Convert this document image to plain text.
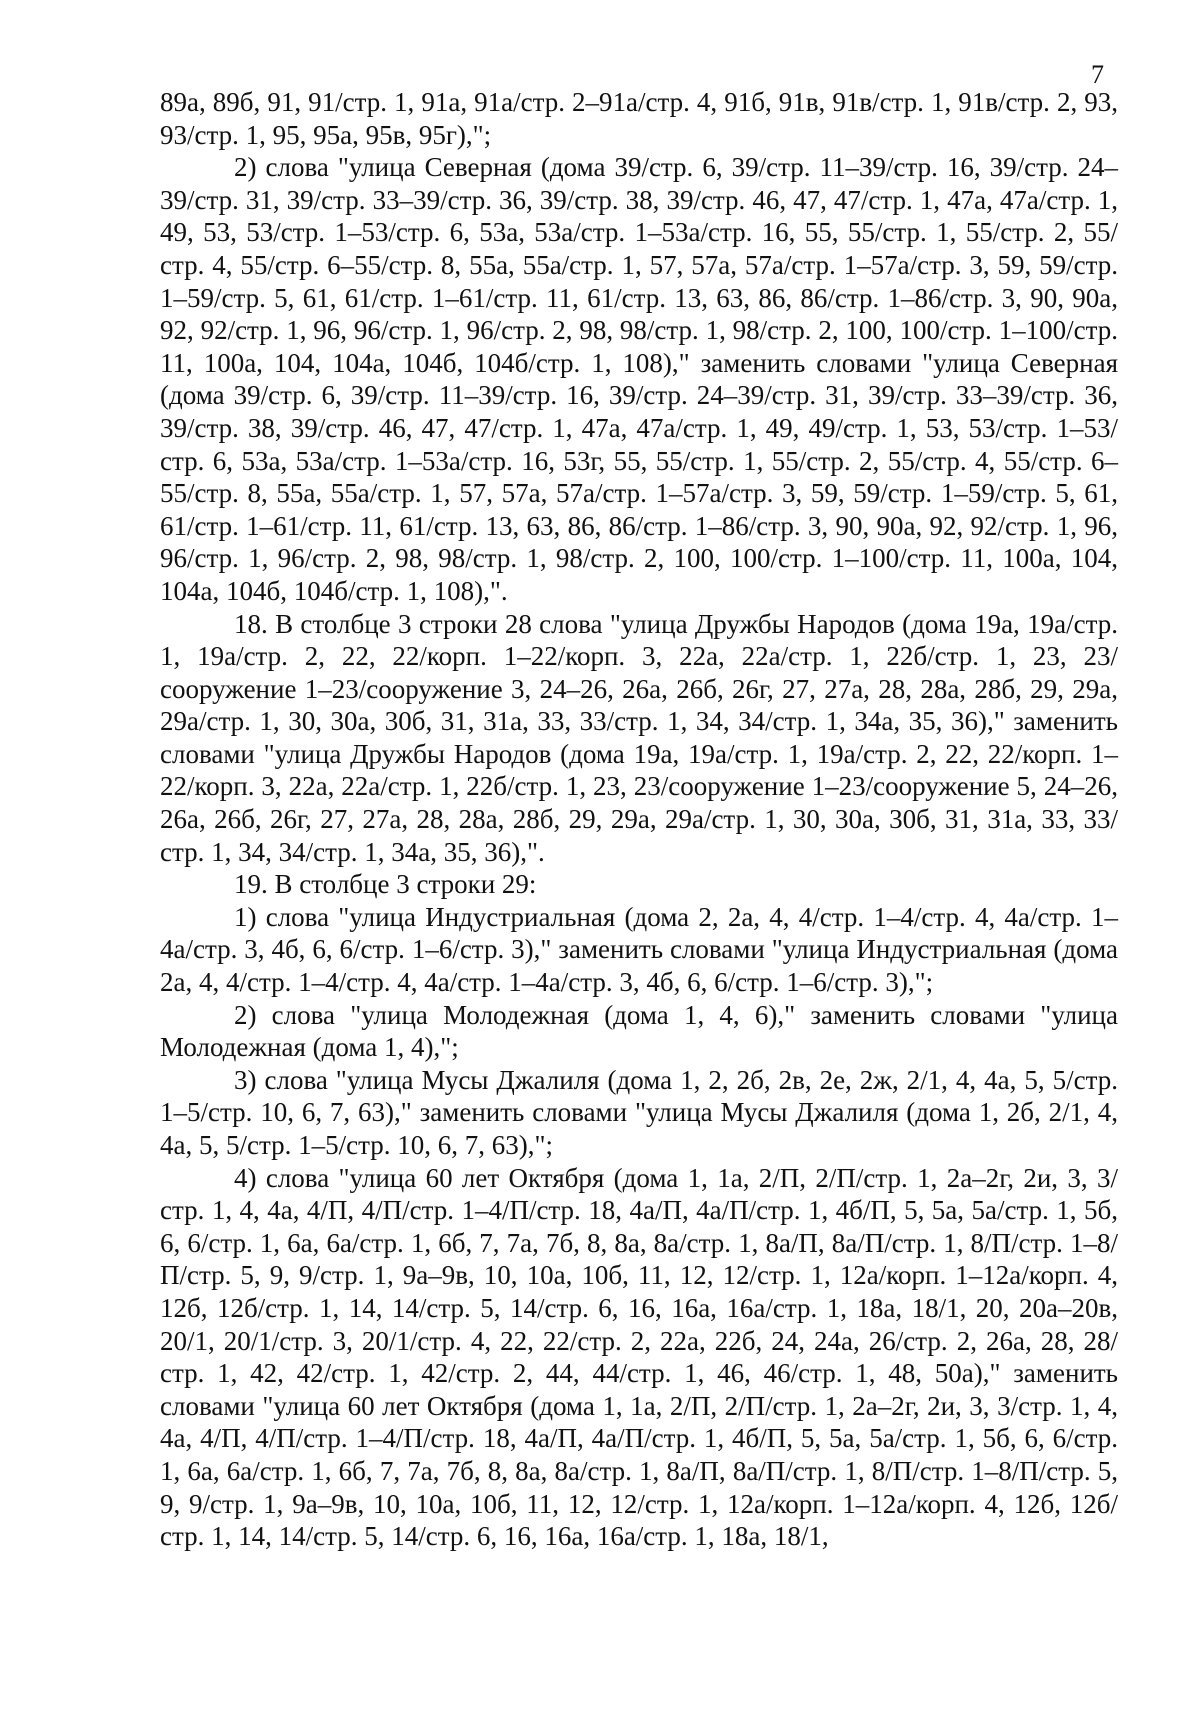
7

89а, 89б, 91, 91/стр. 1, 91а, 91а/стр. 2–91а/стр. 4, 91б, 91в, 91в/стр. 1, 91в/стр. 2, 93, 93/стр. 1, 95, 95а, 95в, 95г),";

2) слова "улица Северная (дома 39/стр. 6, 39/стр. 11–39/стр. 16, 39/стр. 24–39/стр. 31, 39/стр. 33–39/стр. 36, 39/стр. 38, 39/стр. 46, 47, 47/стр. 1, 47а, 47а/стр. 1, 49, 53, 53/стр. 1–53/стр. 6, 53а, 53а/стр. 1–53а/стр. 16, 55, 55/стр. 1, 55/стр. 2, 55/стр. 4, 55/стр. 6–55/стр. 8, 55а, 55а/стр. 1, 57, 57а, 57а/стр. 1–57а/стр. 3, 59, 59/стр. 1–59/стр. 5, 61, 61/стр. 1–61/стр. 11, 61/стр. 13, 63, 86, 86/стр. 1–86/стр. 3, 90, 90а, 92, 92/стр. 1, 96, 96/стр. 1, 96/стр. 2, 98, 98/стр. 1, 98/стр. 2, 100, 100/стр. 1–100/стр. 11, 100а, 104, 104а, 104б, 104б/стр. 1, 108)," заменить словами "улица Северная (дома 39/стр. 6, 39/стр. 11–39/стр. 16, 39/стр. 24–39/стр. 31, 39/стр. 33–39/стр. 36, 39/стр. 38, 39/стр. 46, 47, 47/стр. 1, 47а, 47а/стр. 1, 49, 49/стр. 1, 53, 53/стр. 1–53/стр. 6, 53а, 53а/стр. 1–53а/стр. 16, 53г, 55, 55/стр. 1, 55/стр. 2, 55/стр. 4, 55/стр. 6–55/стр. 8, 55а, 55а/стр. 1, 57, 57а, 57а/стр. 1–57а/стр. 3, 59, 59/стр. 1–59/стр. 5, 61, 61/стр. 1–61/стр. 11, 61/стр. 13, 63, 86, 86/стр. 1–86/стр. 3, 90, 90а, 92, 92/стр. 1, 96, 96/стр. 1, 96/стр. 2, 98, 98/стр. 1, 98/стр. 2, 100, 100/стр. 1–100/стр. 11, 100а, 104, 104а, 104б, 104б/стр. 1, 108),".

18. В столбце 3 строки 28 слова "улица Дружбы Народов (дома 19а, 19а/стр. 1, 19а/стр. 2, 22, 22/корп. 1–22/корп. 3, 22а, 22а/стр. 1, 22б/стр. 1, 23, 23/сооружение 1–23/сооружение 3, 24–26, 26а, 26б, 26г, 27, 27а, 28, 28а, 28б, 29, 29а, 29а/стр. 1, 30, 30а, 30б, 31, 31а, 33, 33/стр. 1, 34, 34/стр. 1, 34а, 35, 36)," заменить словами "улица Дружбы Народов (дома 19а, 19а/стр. 1, 19а/стр. 2, 22, 22/корп. 1–22/корп. 3, 22а, 22а/стр. 1, 22б/стр. 1, 23, 23/сооружение 1–23/сооружение 5, 24–26, 26а, 26б, 26г, 27, 27а, 28, 28а, 28б, 29, 29а, 29а/стр. 1, 30, 30а, 30б, 31, 31а, 33, 33/стр. 1, 34, 34/стр. 1, 34а, 35, 36),".

19. В столбце 3 строки 29:

1) слова "улица Индустриальная (дома 2, 2а, 4, 4/стр. 1–4/стр. 4, 4а/стр. 1–4а/стр. 3, 4б, 6, 6/стр. 1–6/стр. 3)," заменить словами "улица Индустриальная (дома 2а, 4, 4/стр. 1–4/стр. 4, 4а/стр. 1–4а/стр. 3, 4б, 6, 6/стр. 1–6/стр. 3),";

2) слова "улица Молодежная (дома 1, 4, 6)," заменить словами "улица Молодежная (дома 1, 4),";

3) слова "улица Мусы Джалиля (дома 1, 2, 2б, 2в, 2е, 2ж, 2/1, 4, 4а, 5, 5/стр. 1–5/стр. 10, 6, 7, 63)," заменить словами "улица Мусы Джалиля (дома 1, 2б, 2/1, 4, 4а, 5, 5/стр. 1–5/стр. 10, 6, 7, 63),";

4) слова "улица 60 лет Октября (дома 1, 1а, 2/П, 2/П/стр. 1, 2а–2г, 2и, 3, 3/стр. 1, 4, 4а, 4/П, 4/П/стр. 1–4/П/стр. 18, 4а/П, 4а/П/стр. 1, 4б/П, 5, 5а, 5а/стр. 1, 5б, 6, 6/стр. 1, 6а, 6а/стр. 1, 6б, 7, 7а, 7б, 8, 8а, 8а/стр. 1, 8а/П, 8а/П/стр. 1, 8/П/стр. 1–8/П/стр. 5, 9, 9/стр. 1, 9а–9в, 10, 10а, 10б, 11, 12, 12/стр. 1, 12а/корп. 1–12а/корп. 4, 12б, 12б/стр. 1, 14, 14/стр. 5, 14/стр. 6, 16, 16а, 16а/стр. 1, 18а, 18/1, 20, 20а–20в, 20/1, 20/1/стр. 3, 20/1/стр. 4, 22, 22/стр. 2, 22а, 22б, 24, 24а, 26/стр. 2, 26а, 28, 28/стр. 1, 42, 42/стр. 1, 42/стр. 2, 44, 44/стр. 1, 46, 46/стр. 1, 48, 50а)," заменить словами "улица 60 лет Октября (дома 1, 1а, 2/П, 2/П/стр. 1, 2а–2г, 2и, 3, 3/стр. 1, 4, 4а, 4/П, 4/П/стр. 1–4/П/стр. 18, 4а/П, 4а/П/стр. 1, 4б/П, 5, 5а, 5а/стр. 1, 5б, 6, 6/стр. 1, 6а, 6а/стр. 1, 6б, 7, 7а, 7б, 8, 8а, 8а/стр. 1, 8а/П, 8а/П/стр. 1, 8/П/стр. 1–8/П/стр. 5, 9, 9/стр. 1, 9а–9в, 10, 10а, 10б, 11, 12, 12/стр. 1, 12а/корп. 1–12а/корп. 4, 12б, 12б/стр. 1, 14, 14/стр. 5, 14/стр. 6, 16, 16а, 16а/стр. 1, 18а, 18/1,
